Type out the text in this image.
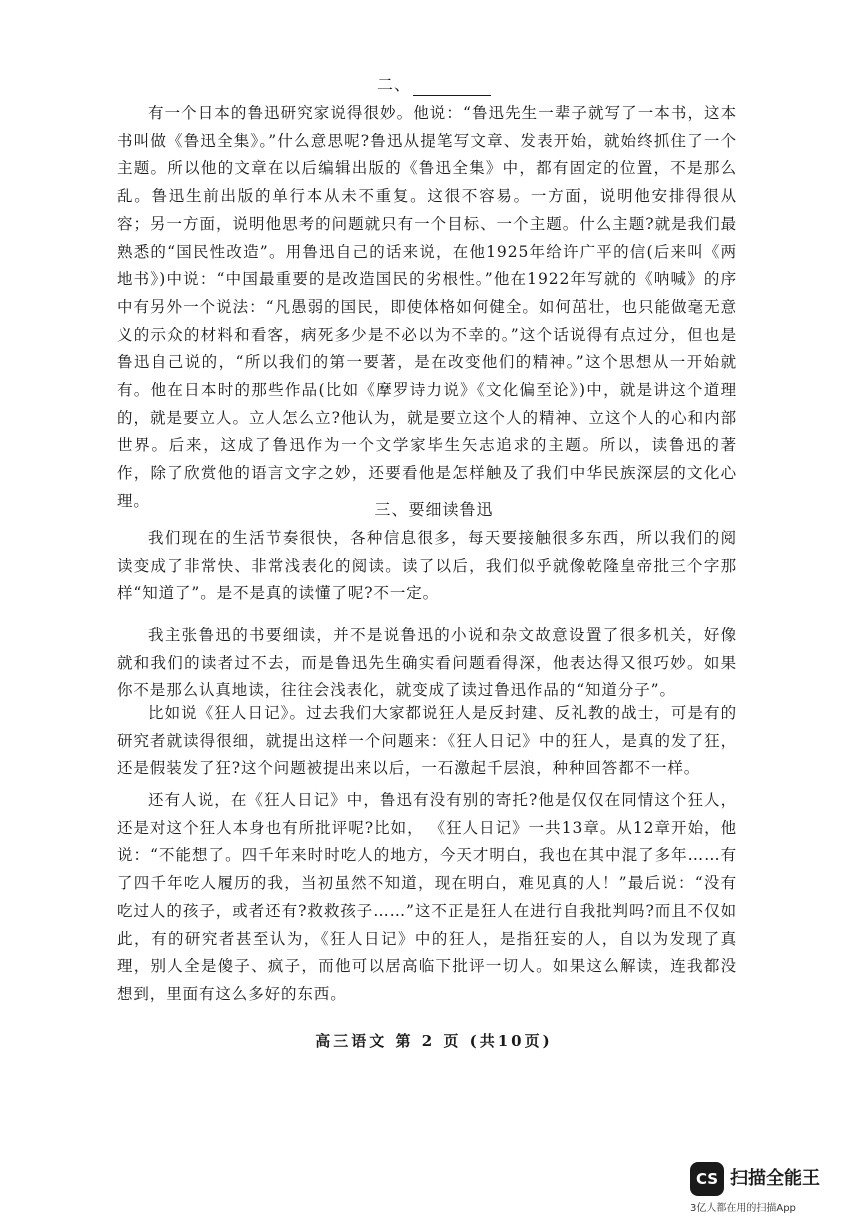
二、

有一个日本的鲁迅研究家说得很妙。他说：“鲁迅先生一辈子就写了一本书，这本书叫做《鲁迅全集》。”什么意思呢?鲁迅从提笔写文章、发表开始，就始终抓住了一个主题。所以他的文章在以后编辑出版的《鲁迅全集》中，都有固定的位置，不是那么乱。鲁迅生前出版的单行本从未不重复。这很不容易。一方面，说明他安排得很从容；另一方面，说明他思考的问题就只有一个目标、一个主题。什么主题?就是我们最熟悉的“国民性改造”。用鲁迅自己的话来说，在他1925年给许广平的信(后来叫《两地书》)中说：“中国最重要的是改造国民的劣根性。”他在1922年写就的《呐喊》的序中有另外一个说法：“凡愚弱的国民，即使体格如何健全。如何茁壮，也只能做毫无意义的示众的材料和看客，病死多少是不必以为不幸的。”这个话说得有点过分，但也是鲁迅自己说的，“所以我们的第一要著，是在改变他们的精神。”这个思想从一开始就有。他在日本时的那些作品(比如《摩罗诗力说》《文化偏至论》)中，就是讲这个道理的，就是要立人。立人怎么立?他认为，就是要立这个人的精神、立这个人的心和内部世界。后来，这成了鲁迅作为一个文学家毕生矢志追求的主题。所以，读鲁迅的著作，除了欣赏他的语言文字之妙，还要看他是怎样触及了我们中华民族深层的文化心理。	三、要细读鲁迅

我们现在的生活节奏很快，各种信息很多，每天要接触很多东西，所以我们的阅读变成了非常快、非常浅表化的阅读。读了以后，我们似乎就像乾隆皇帝批三个字那样“知道了”。是不是真的读懂了呢?不一定。

我主张鲁迅的书要细读，并不是说鲁迅的小说和杂文故意设置了很多机关，好像就和我们的读者过不去，而是鲁迅先生确实看问题看得深，他表达得又很巧妙。如果你不是那么认真地读，往往会浅表化，就变成了读过鲁迅作品的“知道分子”。

比如说《狂人日记》。过去我们大家都说狂人是反封建、反礼教的战士，可是有的研究者就读得很细，就提出这样一个问题来：《狂人日记》中的狂人，是真的发了狂，还是假装发了狂?这个问题被提出来以后，一石激起千层浪，种种回答都不一样。

还有人说，在《狂人日记》中，鲁迅有没有别的寄托?他是仅仅在同情这个狂人，还是对这个狂人本身也有所批评呢?比如， 《狂人日记》一共13章。从12章开始，他说：“不能想了。四千年来时时吃人的地方，今天才明白，我也在其中混了多年……有了四千年吃人履历的我，当初虽然不知道，现在明白，难见真的人！”最后说：“没有吃过人的孩子，或者还有?救救孩子……”这不正是狂人在进行自我批判吗?而且不仅如此，有的研究者甚至认为，《狂人日记》中的狂人，是指狂妄的人，自以为发现了真理，别人全是傻子、疯子，而他可以居高临下批评一切人。如果这么解读，连我都没想到，里面有这么多好的东西。

高三语文 第 2 页 (共10页)
CS 扫描全能王
3亿人都在用的扫描App
